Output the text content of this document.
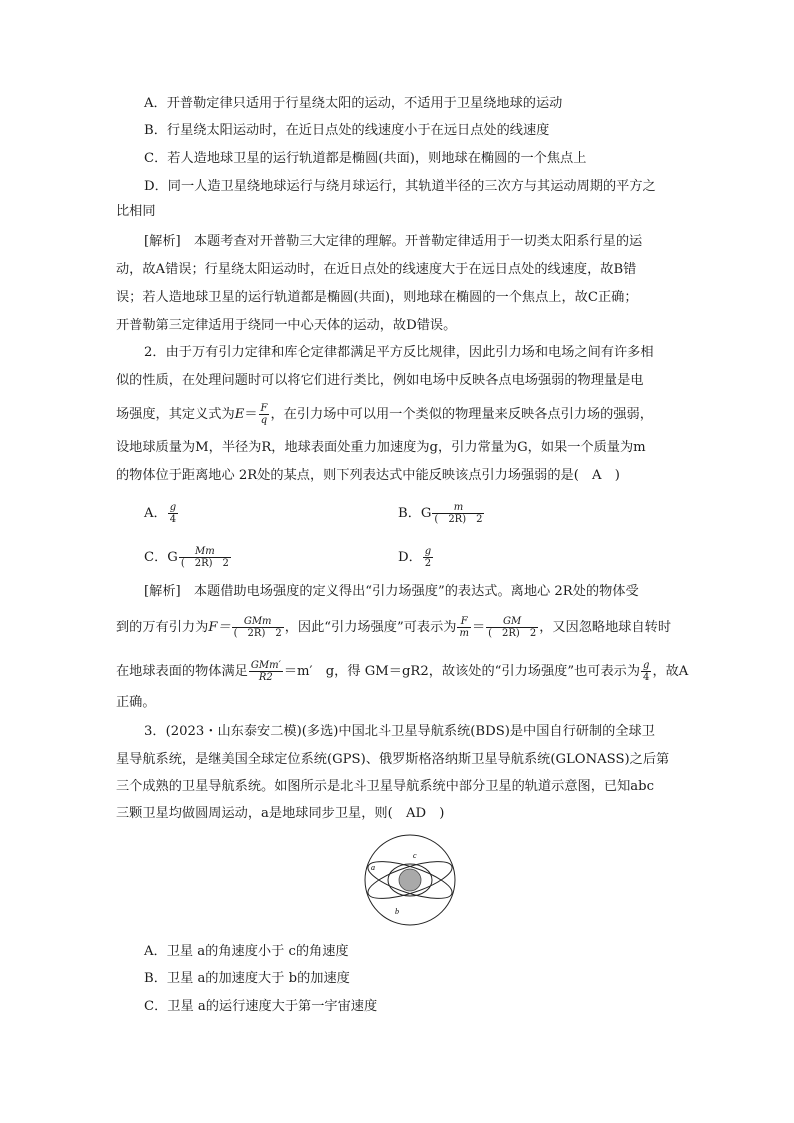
A．开普勒定律只适用于行星绕太阳的运动，不适用于卫星绕地球的运动

B．行星绕太阳运动时，在近日点处的线速度小于在远日点处的线速度

C．若人造地球卫星的运行轨道都是椭圆(共面)，则地球在椭圆的一个焦点上

D．同一人造卫星绕地球运行与绕月球运行，其轨道半径的三次方与其运动周期的平方之

比相同

[解析]　本题考查对开普勒三大定律的理解。开普勒定律适用于一切类太阳系行星的运

动，故A错误；行星绕太阳运动时，在近日点处的线速度大于在远日点处的线速度，故B错

误；若人造地球卫星的运行轨道都是椭圆(共面)，则地球在椭圆的一个焦点上，故C正确；

开普勒第三定律适用于绕同一中心天体的运动，故D错误。

2．由于万有引力定律和库仑定律都满足平方反比规律，因此引力场和电场之间有许多相

似的性质，在处理问题时可以将它们进行类比，例如电场中反映各点电场强弱的物理量是电

场强度，其定义式为$E= \frac{F}{q}$ ，在引力场中可以用一个类似的物理量来反映各点引力场的强弱，

设地球质量为M，半径为R，地球表面处重力加速度为g，引力常量为G，如果一个质量为m

的物体位于距离地心 2R处的某点，则下列表达式中能反映该点引力场强弱的是(　A　)

A． $\frac{g}{4}$	B．G $\frac{m}{( 2R) 2}$
C．G $\frac{Mm}{( 2R) 2}$	D． $\frac{g}{2}$

[解析]　本题借助电场强度的定义得出“引力场强度”的表达式。离地心 2R处的物体受

到的万有引力为$F= \frac{\text{GMm}}{( 2R) 2}$ ，因此“引力场强度”可表示为 $\frac{F}{m} = \frac{GM}{( 2R) 2}$ ，又因忽略地球自转时

在地球表面的物体满足 $\frac{\text{GMm′}}{R2} =m'$　g，得 GM＝gR2，故该处的“引力场强度”也可表示为 $\frac{g}{4}$ ，故A

正确。

3．(2023・山东泰安二模)(多选)中国北斗卫星导航系统(BDS)是中国自行研制的全球卫

星导航系统，是继美国全球定位系统(GPS)、俄罗斯格洛纳斯卫星导航系统(GLONASS)之后第

三个成熟的卫星导航系统。如图所示是北斗卫星导航系统中部分卫星的轨道示意图，已知abc

三颗卫星均做圆周运动，a是地球同步卫星，则(　AD　)

a
b
c

A．卫星 a的角速度小于 c的角速度

B．卫星 a的加速度大于 b的加速度

C．卫星 a的运行速度大于第一宇宙速度
